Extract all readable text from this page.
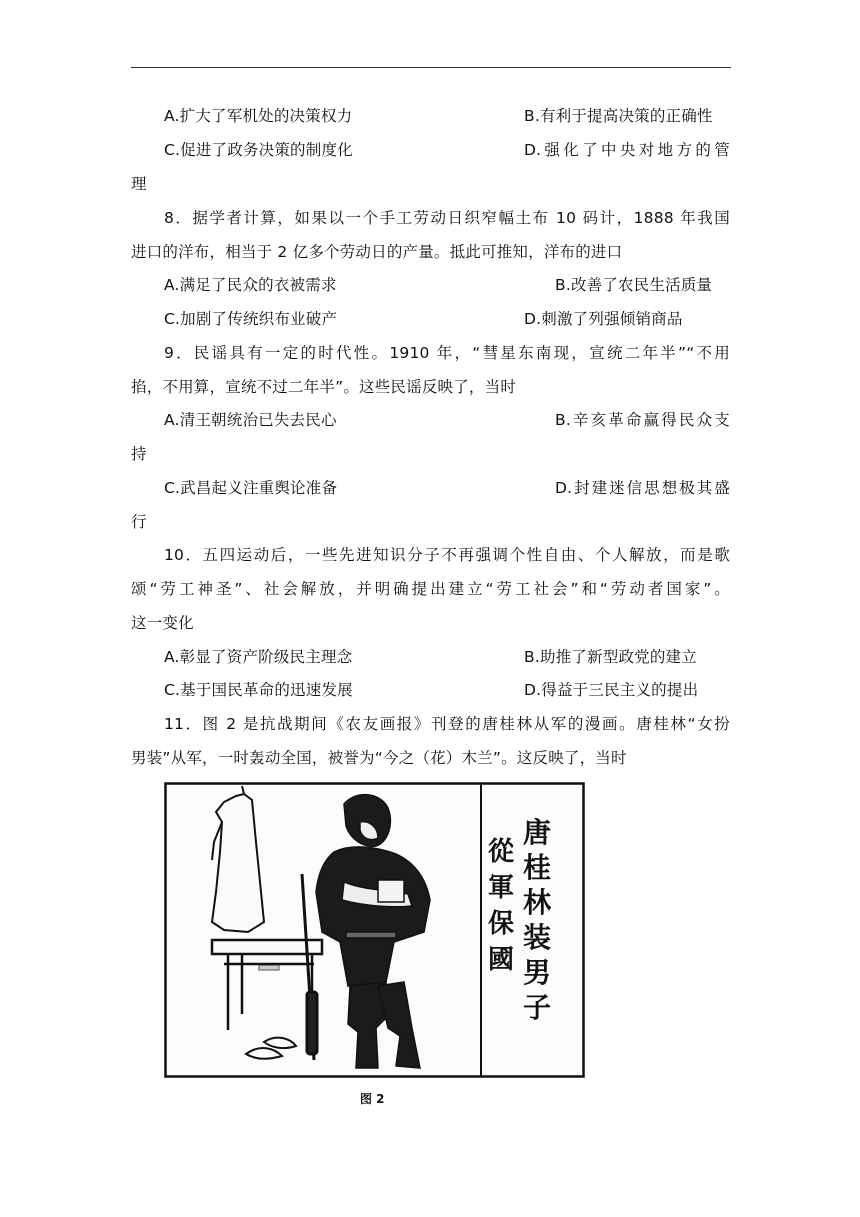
A.扩大了军机处的决策权力	B.有利于提高决策的正确性
C.促进了政务决策的制度化	D.强化了中央对地方的管
理
8．据学者计算，如果以一个手工劳动日织窄幅土布 10 码计，1888 年我国
进口的洋布，相当于 2 亿多个劳动日的产量。抵此可推知，洋布的进口
A.满足了民众的衣被需求	B.改善了农民生活质量
C.加剧了传统织布业破产	D.刺激了列强倾销商品
9．民谣具有一定的时代性。1910 年，“彗星东南现，宣统二年半”“不用
掐，不用算，宣统不过二年半”。这些民谣反映了，当时
A.清王朝统治已失去民心	B.辛亥革命赢得民众支
持
C.武昌起义注重舆论准备	D.封建迷信思想极其盛
行
10．五四运动后，一些先进知识分子不再强调个性自由、个人解放，而是歌
颂“劳工神圣”、社会解放，并明确提出建立“劳工社会”和“劳动者国家”。
这一变化
A.彰显了资产阶级民主理念	B.助推了新型政党的建立
C.基于国民革命的迅速发展	D.得益于三民主义的提出
11．图 2 是抗战期间《农友画报》刊登的唐桂林从军的漫画。唐桂林“女扮
男装”从军，一时轰动全国，被誉为“今之（花）木兰”。这反映了，当时
唐
桂
林
装
男
子
從
軍
保
國
图 2
